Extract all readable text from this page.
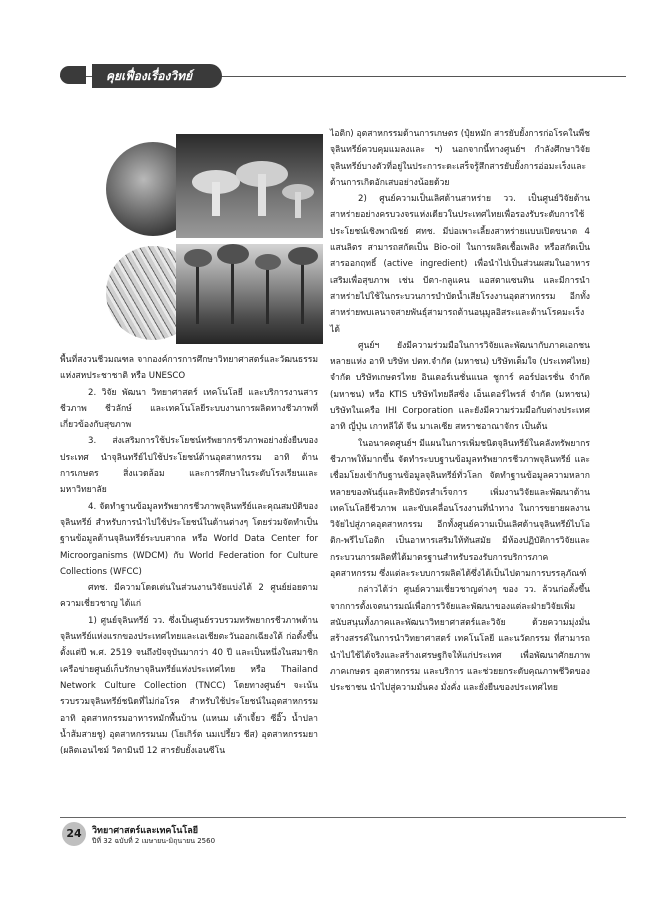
คุยเฟื่องเรื่องวิทย์

พื้นที่สงวนชีวมณฑล จากองค์การการศึกษาวิทยาศาสตร์และวัฒนธรรมแห่งสหประชาชาติ หรือ UNESCO

2. วิจัย พัฒนา วิทยาศาสตร์ เทคโนโลยี และบริการงานสารชีวภาพ ชีวลักษ์ และเทคโนโลยีระบบงานการผลิตทางชีวภาพที่เกี่ยวข้องกับสุขภาพ

3. ส่งเสริมการใช้ประโยชน์ทรัพยากรชีวภาพอย่างยั่งยืนของประเทศ นำจุลินทรีย์ไปใช้ประโยชน์ด้านอุตสาหกรรม อาทิ ด้านการเกษตร สิ่งแวดล้อม และการศึกษาในระดับโรงเรียนและมหาวิทยาลัย

4. จัดทำฐานข้อมูลทรัพยากรชีวภาพจุลินทรีย์และคุณสมบัติของจุลินทรีย์ สำหรับการนำไปใช้ประโยชน์ในด้านต่างๆ โดยร่วมจัดทำเป็นฐานข้อมูลด้านจุลินทรีย์ระบบสากล หรือ World Data Center for Microorganisms (WDCM) กับ World Federation for Culture Collections (WFCC)

ศทช. มีความโดดเด่นในส่วนงานวิจัยแบ่งได้ 2 ศูนย์ย่อยตามความเชี่ยวชาญ ได้แก่

1) ศูนย์จุลินทรีย์ วว. ซึ่งเป็นศูนย์รวบรวมทรัพยากรชีวภาพด้านจุลินทรีย์แห่งแรกของประเทศไทยและเอเชียตะวันออกเฉียงใต้ ก่อตั้งขึ้นตั้งแต่ปี พ.ศ. 2519 จนถึงปัจจุบันมากว่า 40 ปี และเป็นหนึ่งในสมาชิกเครือข่ายศูนย์เก็บรักษาจุลินทรีย์แห่งประเทศไทย หรือ Thailand Network Culture Collection (TNCC) โดยทางศูนย์ฯ จะเน้นรวบรวมจุลินทรีย์ชนิดที่ไม่ก่อโรค สำหรับใช้ประโยชน์ในอุตสาหกรรมอาทิ อุตสาหกรรมอาหารหมักพื้นบ้าน (แหนม เต้าเจี้ยว ซีอิ๊ว น้ำปลา น้ำส้มสายชู) อุตสาหกรรมนม (โยเกิร์ต นมเปรี้ยว ชีส) อุตสาหกรรมยา (ผลิตเอนไซม์ วิตามินบี 12 สารยับยั้งเอนซีโน

ไอติก) อุตสาหกรรมด้านการเกษตร (ปุ๋ยหมัก สารยับยั้งการก่อโรคในพืช จุลินทรีย์ควบคุมแมลงและ ฯ) นอกจากนี้ทางศูนย์ฯ กำลังศึกษาวิจัยจุลินทรีย์บางตัวที่อยู่ในประการะดะเสร็จรู้สึกสารยับยั้งการอ่อมะเร็งและด้านการเกิดอักเสบอย่างน้อยด้วย

2) ศูนย์ความเป็นเลิศด้านสาหร่าย วว. เป็นศูนย์วิจัยด้านสาหร่ายอย่างครบวงจรแห่งเดียวในประเทศไทยเพื่อรองรับระดับการใช้ประโยชน์เชิงพาณิชย์ ศทช. มีบ่อเพาะเลี้ยงสาหร่ายแบบเปิดขนาด 4 แสนลิตร สามารถสกัดเป็น Bio-oil ในการผลิตเชื้อเพลิง หรือสกัดเป็นสารออกฤทธิ์ (active ingredient) เพื่อนำไปเป็นส่วนผสมในอาหารเสริมเพื่อสุขภาพ เช่น บีตา-กลูแคน แอสตาแซนทิน และมีการนำสาหร่ายไปใช้ในกระบวนการบำบัดน้ำเสียโรงงานอุตสาหกรรม อีกทั้งสาหร่ายพบเลนาจสายพันธุ์สามารถต้านอนุมูลอิสระและต้านโรคมะเร็งได้

ศูนย์ฯ ยังมีความร่วมมือในการวิจัยและพัฒนากับภาคเอกชนหลายแห่ง อาทิ บริษัท ปตท.จำกัด (มหาชน) บริษัทเต็มใจ (ประเทศไทย) จำกัด บริษัทเกษตรไทย อินเตอร์เนชั่นแนล ชูการ์ คอร์ปอเรชั่น จำกัด (มหาชน) หรือ KTIS บริษัทไทยลีสซิ่ง เอ็นเตอร์ไพรส์ จำกัด (มหาชน) บริษัทในเครือ IHI Corporation และยังมีความร่วมมือกับต่างประเทศ อาทิ ญี่ปุ่น เกาหลีใต้ จีน มาเลเซีย สหราชอาณาจักร เป็นต้น

ในอนาคตศูนย์ฯ มีแผนในการเพิ่มชนิดจุลินทรีย์ในคลังทรัพยากรชีวภาพให้มากขึ้น จัดทำระบบฐานข้อมูลทรัพยากรชีวภาพจุลินทรีย์ และเชื่อมโยงเข้ากับฐานข้อมูลจุลินทรีย์ทั่วโลก จัดทำฐานข้อมูลความหลากหลายของพันธุ์และสิทธิบัตรสำเร็จการ เพิ่มงานวิจัยและพัฒนาด้านเทคโนโลยีชีวภาพ และขับเคลื่อนโรงงานที่นำทาง ในการขยายผลงานวิจัยไปสู่ภาคอุตสาหกรรม อีกทั้งศูนย์ความเป็นเลิศด้านจุลินทรีย์ไบโอติก-พรีไบโอติก เป็นอาหารเสริมให้ทันสมัย มีห้องปฏิบัติการวิจัยและกระบวนการผลิตที่ได้มาตรฐานสำหรับรองรับการบริการภาคอุตสาหกรรม ซึ่งแต่ละระบบการผลิตได้ซึ่งได้เป็นไปตามการบรรลุภัณฑ์

กล่าวได้ว่า ศูนย์ความเชี่ยวชาญต่างๆ ของ วว. ล้วนก่อตั้งขึ้นจากการตั้งเจตนารมณ์เพื่อการวิจัยและพัฒนาของแต่ละฝ่ายวิจัยเพิ่ม สนับสนุนทั้งภาคและพัฒนาวิทยาศาสตร์และวิจัย ด้วยความมุ่งมั่น สร้างสรรค์ในการนำวิทยาศาสตร์ เทคโนโลยี และนวัตกรรม ที่สามารถนำไปใช้ได้จริงและสร้างเศรษฐกิจให้แก่ประเทศ เพื่อพัฒนาศักยภาพภาคเกษตร อุตสาหกรรม และบริการ และช่วยยกระดับคุณภาพชีวิตของประชาชน นำไปสู่ความมั่นคง มั่งคั่ง และยั่งยืนของประเทศไทย

24	วิทยาศาสตร์และเทคโนโลยี
ปีที่ 32 ฉบับที่ 2 เมษายน-มิถุนายน 2560
